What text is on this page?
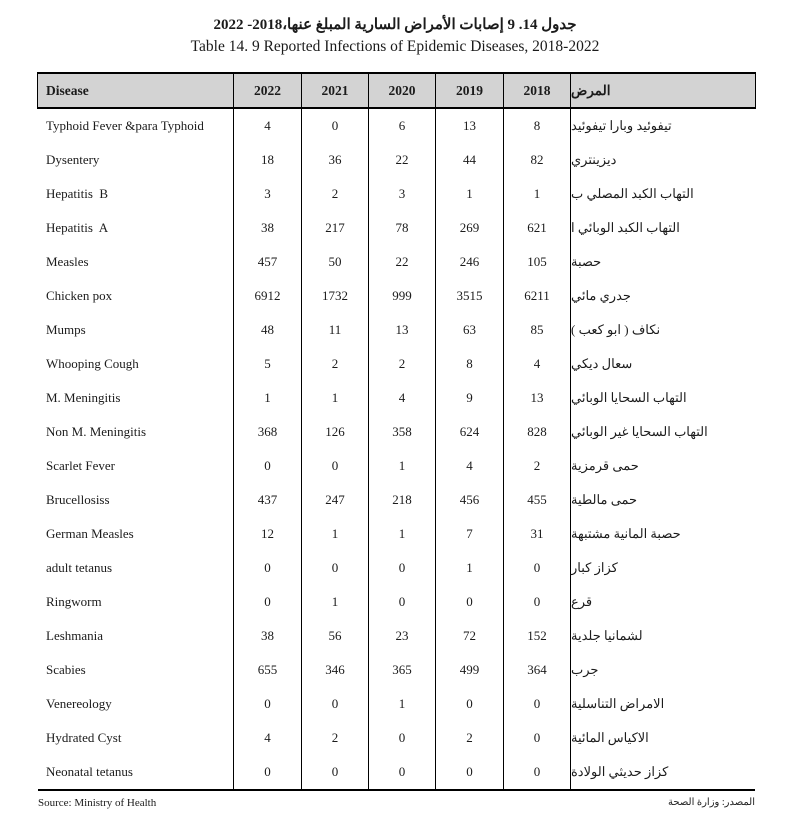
جدول 14. 9 إصابات الأمراض السارية المبلغ عنها،2018- 2022
Table 14. 9 Reported Infections of Epidemic Diseases, 2018-2022
Disease	2022	2021	2020	2019	2018	المرض
Typhoid Fever &para Typhoid	4	0	6	13	8	تيفوئيد وبارا تيفوئيد
Dysentery	18	36	22	44	82	ديزينتري
Hepatitis  B	3	2	3	1	1	التهاب الكبد المصلي ب
Hepatitis  A	38	217	78	269	621	التهاب الكبد الوبائي ا
Measles	457	50	22	246	105	حصبة
Chicken pox	6912	1732	999	3515	6211	جدري مائي
Mumps	48	11	13	63	85	نكاف ( ابو كعب )
Whooping Cough	5	2	2	8	4	سعال ديكي
M. Meningitis	1	1	4	9	13	التهاب السحايا الوبائي
Non M. Meningitis	368	126	358	624	828	التهاب السحايا غير الوبائي
Scarlet Fever	0	0	1	4	2	حمى قرمزية
Brucellosiss	437	247	218	456	455	حمى مالطية
German Measles	12	1	1	7	31	حصبة المانية مشتبهة
adult tetanus	0	0	0	1	0	كزاز كبار
Ringworm	0	1	0	0	0	قرع
Leshmania	38	56	23	72	152	لشمانيا جلدية
Scabies	655	346	365	499	364	جرب
Venereology	0	0	1	0	0	الامراض التناسلية
Hydrated Cyst	4	2	0	2	0	الاكياس المائية
Neonatal tetanus	0	0	0	0	0	كزاز حديثي الولادة
Source: Ministry of Health	المصدر: وزارة الصحة
